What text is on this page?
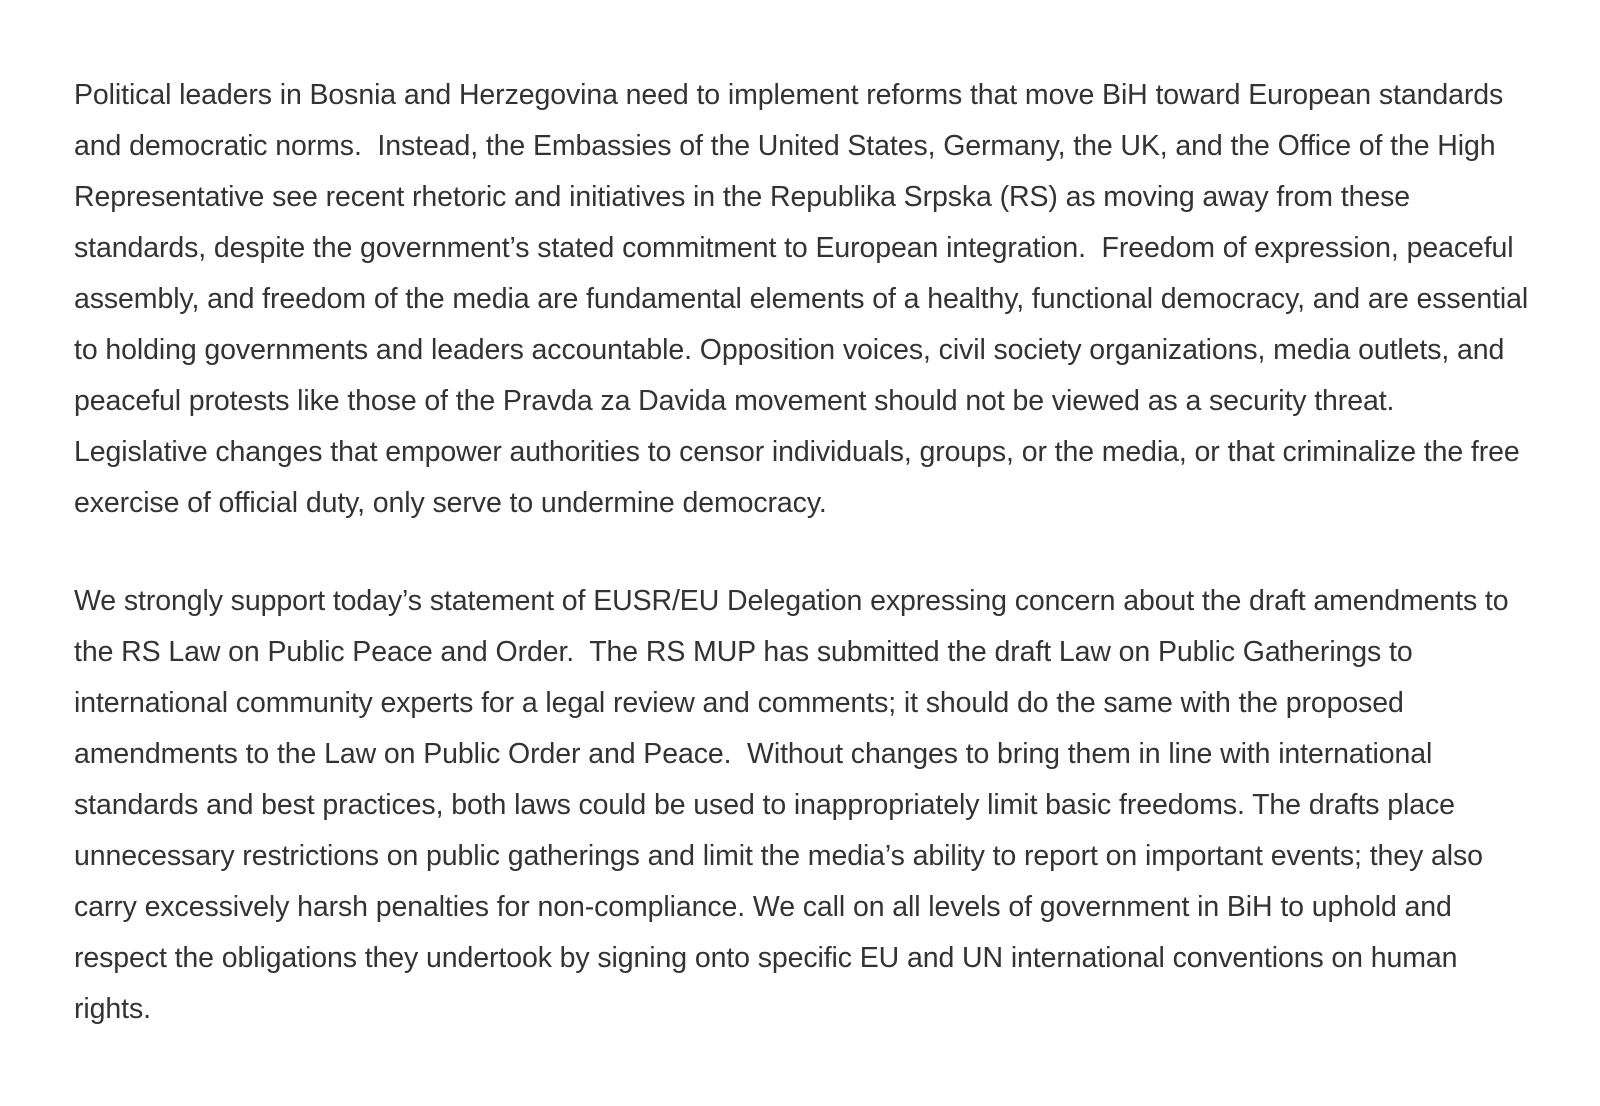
Political leaders in Bosnia and Herzegovina need to implement reforms that move BiH toward European standards and democratic norms.  Instead, the Embassies of the United States, Germany, the UK, and the Office of the High Representative see recent rhetoric and initiatives in the Republika Srpska (RS) as moving away from these standards, despite the government’s stated commitment to European integration.  Freedom of expression, peaceful assembly, and freedom of the media are fundamental elements of a healthy, functional democracy, and are essential to holding governments and leaders accountable. Opposition voices, civil society organizations, media outlets, and peaceful protests like those of the Pravda za Davida movement should not be viewed as a security threat.  Legislative changes that empower authorities to censor individuals, groups, or the media, or that criminalize the free exercise of official duty, only serve to undermine democracy.

We strongly support today’s statement of EUSR/EU Delegation expressing concern about the draft amendments to the RS Law on Public Peace and Order.  The RS MUP has submitted the draft Law on Public Gatherings to international community experts for a legal review and comments; it should do the same with the proposed amendments to the Law on Public Order and Peace.  Without changes to bring them in line with international standards and best practices, both laws could be used to inappropriately limit basic freedoms. The drafts place unnecessary restrictions on public gatherings and limit the media’s ability to report on important events; they also carry excessively harsh penalties for non-compliance. We call on all levels of government in BiH to uphold and respect the obligations they undertook by signing onto specific EU and UN international conventions on human rights.
